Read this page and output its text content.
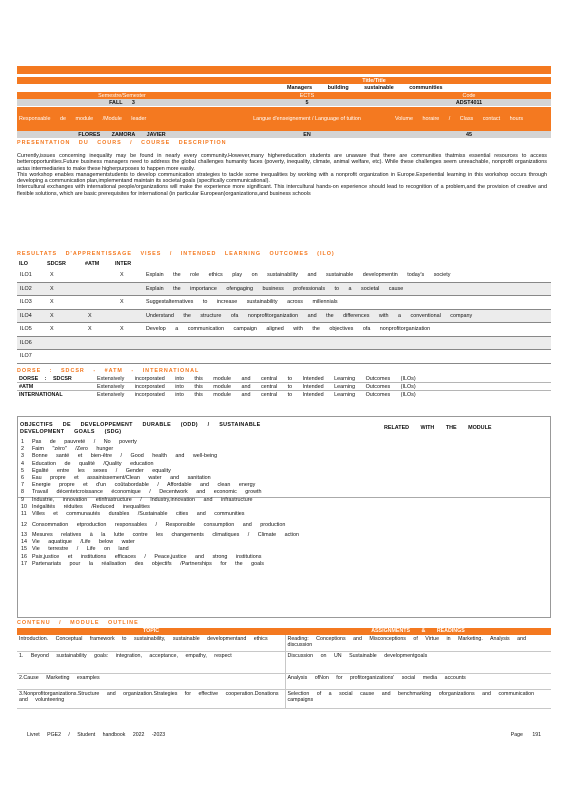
Title/Title
Managers building sustainable communities
Semestre/Semester	ECTS	Code
FALL 3	5	ADST4011
Responsable de module /Module leader	Langue d'enseignement / Language of tuition	Volume horaire / Class contact hours
FLORES ZAMORA JAVIER	EN	45
PRESENTATION DU COURS / COURSE DESCRIPTION
Currently,issues concerning inequality may be found in nearly every community.However,many highereducation students are unaware that there are communities thatmiss essential resources to access betteropportunities.Future business managers need to address the global challenges humanity faces (poverty, inequality, climate, animal welfare, etc). While these challenges seem unreachable, nonprofit organizations actas intermediaries to make these higherpurposes to happen more easily.
This workshop enables managementstudents to develop communication strategies to tackle some inequalities by working with a nonprofit organization in Europe.Experiential learning in this workshop occurs through developing a communication plan,implementand maintain its societal goals (specifically communicational).
Intercultural exchanges with international people/organizations will make the experience more significant. This intercultural hands-on experience should lead to recognition of a problem,and the provision of creative and flexible solutions, which are basic prerequisites for international (in particular European)organizations,and business schools
RESULTATS D'APPRENTISSAGE VISES / INTENDED LEARNING OUTCOMES (ILO)
ILO	SDCSR	#ATM	INTER
ILO1	X		X	Explain the role ethics play on sustainability and sustainable developmentin today's society
ILO2	X			Explain the importance ofengaging business professionals to a societal cause
ILO3	X		X	Suggestalternatives to increase sustainability across millennials
ILO4	X	X		Understand the structure ofa nonprofitorganization and the differences with a conventional company
ILO5	X	X	X	Develop a communication campaign aligned with the objectives ofa nonprofitorganization
ILO6				
ILO7				
DORSE : SDCSR - #ATM - INTERNATIONAL
DORSE : SDCSR	Extensively incorporated into this module and central to Intended Learning Outcomes (ILOs)
#ATM	Extensively incorporated into this module and central to Intended Learning Outcomes (ILOs)
INTERNATIONAL	Extensively incorporated into this module and central to Intended Learning Outcomes (ILOs)
OBJECTIFS DE DEVELOPPEMENT DURABLE (ODD) / SUSTAINABLE DEVELOPMENT GOALS (SDG)
RELATED WITH THE MODULE
1	Pas de pauvreté / No poverty
2	Faim "zéro" /Zero hunger
3	Bonne santé et bien-être / Good health and well-being
4	Education de qualité /Quality education
5	Egalité entre les sexes / Gender equality
6	Eau propre et assainissement/Clean water and sanitation
7	Energie propre et d'un coûtabordable / Affordable and clean energy
8	Travail décentetcroissance économique / Decentwork and economic growth
9	Industrie, innovation etinfrastructure / Industry,innovation and infrastructure
10 Inégalités réduites /Reduced inequalities
11 Villes et communautés durables /Sustainable cities and communities
12 Consommation etproduction responsables / Responsible consumption and production
13 Mesures relatives à la lutte contre les changements climatiques / Climate action
14 Vie aquatique /Life below water
15 Vie terrestre / Life on land
16 Paix,justice et institutions efficaces / Peace,justice and strong institutions
17 Partenariats pour la réalisation des objectifs /Partnerships for the goals
CONTENU / MODULE OUTLINE
TOPIC	ASSIGNMENTS & READINGS
Introduction. Conceptual framework to sustainability, sustainable developmentand ethics	Reading: Conceptions and Misconceptions of Virtue in Marketing. Analysis and discussion
1. Beyond sustainability goals: integration, acceptance, empathy, respect	Discussion on UN Sustainable developmentgoals
2.Cause Marketing examples	Analysis ofNon for profitorganizations' social media accounts
3.Nonprofitorganizations.Structure and organization.Strategies for effective cooperation.Donations and volunteering	Selection of a social cause and benchmarking oforganizations and communication campaigns
Livret PGE2 / Student handbook 2022 -2023	Page 191
